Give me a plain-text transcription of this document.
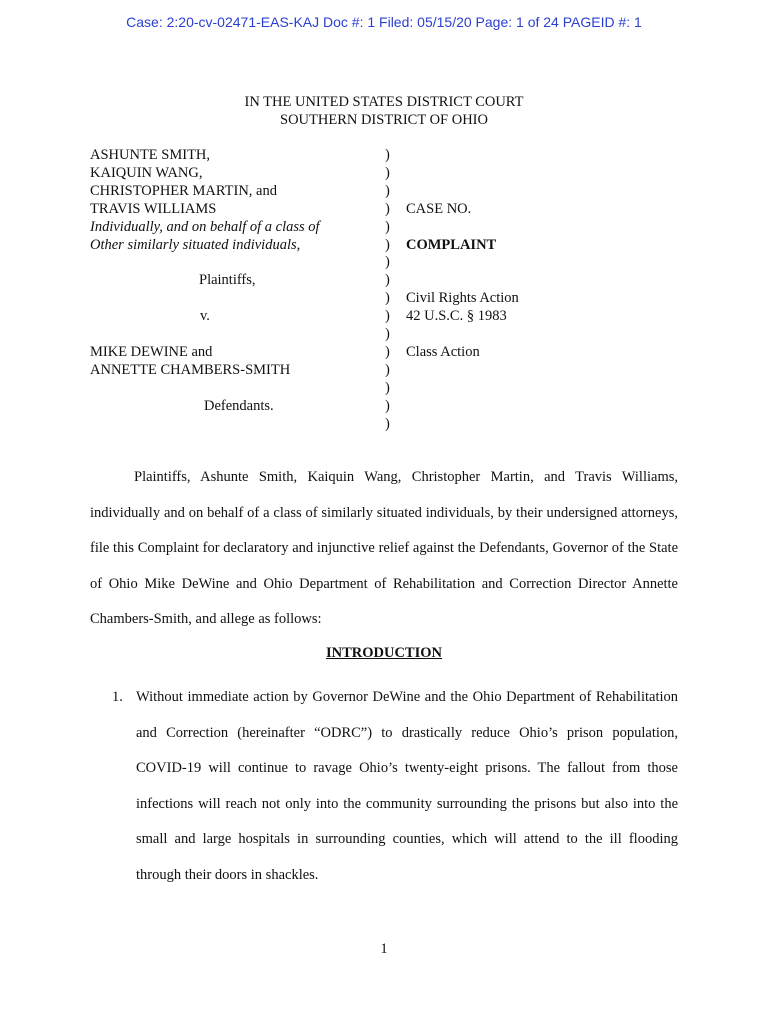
Case: 2:20-cv-02471-EAS-KAJ Doc #: 1 Filed: 05/15/20 Page: 1 of 24 PAGEID #: 1
IN THE UNITED STATES DISTRICT COURT
SOUTHERN DISTRICT OF OHIO
ASHUNTE SMITH,
KAIQUIN WANG,
CHRISTOPHER MARTIN, and
TRAVIS WILLIAMS
Individually, and on behalf of a class of
Other similarly situated individuals,
Plaintiffs,
v.
MIKE DEWINE and
ANNETTE CHAMBERS-SMITH
Defendants.
)
)
)
)
)
)
)
)
)
)
)
)
)
)
)
)
CASE NO.
COMPLAINT
Civil Rights Action
42 U.S.C. § 1983
Class Action
Plaintiffs, Ashunte Smith, Kaiquin Wang, Christopher Martin, and Travis Williams, individually and on behalf of a class of similarly situated individuals, by their undersigned attorneys, file this Complaint for declaratory and injunctive relief against the Defendants, Governor of the State of Ohio Mike DeWine and Ohio Department of Rehabilitation and Correction Director Annette Chambers-Smith, and allege as follows:
INTRODUCTION
1. Without immediate action by Governor DeWine and the Ohio Department of Rehabilitation and Correction (hereinafter “ODRC”) to drastically reduce Ohio’s prison population, COVID-19 will continue to ravage Ohio’s twenty-eight prisons. The fallout from those infections will reach not only into the community surrounding the prisons but also into the small and large hospitals in surrounding counties, which will attend to the ill flooding through their doors in shackles.
1
